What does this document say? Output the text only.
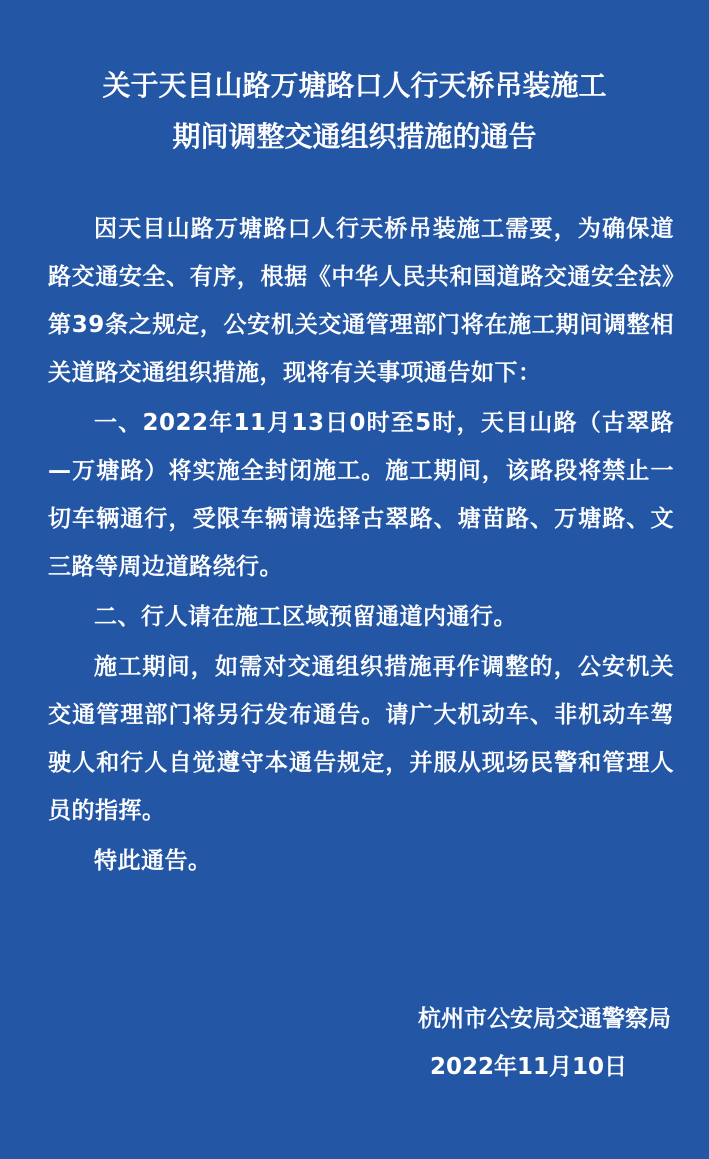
关于天目山路万塘路口人行天桥吊装施工
期间调整交通组织措施的通告

因天目山路万塘路口人行天桥吊装施工需要，为确保道路交通安全、有序，根据《中华人民共和国道路交通安全法》第39条之规定，公安机关交通管理部门将在施工期间调整相关道路交通组织措施，现将有关事项通告如下：

一、2022年11月13日0时至5时，天目山路（古翠路—万塘路）将实施全封闭施工。施工期间，该路段将禁止一切车辆通行，受限车辆请选择古翠路、塘苗路、万塘路、文三路等周边道路绕行。

二、行人请在施工区域预留通道内通行。

施工期间，如需对交通组织措施再作调整的，公安机关交通管理部门将另行发布通告。请广大机动车、非机动车驾驶人和行人自觉遵守本通告规定，并服从现场民警和管理人员的指挥。

特此通告。

杭州市公安局交通警察局
2022年11月10日
